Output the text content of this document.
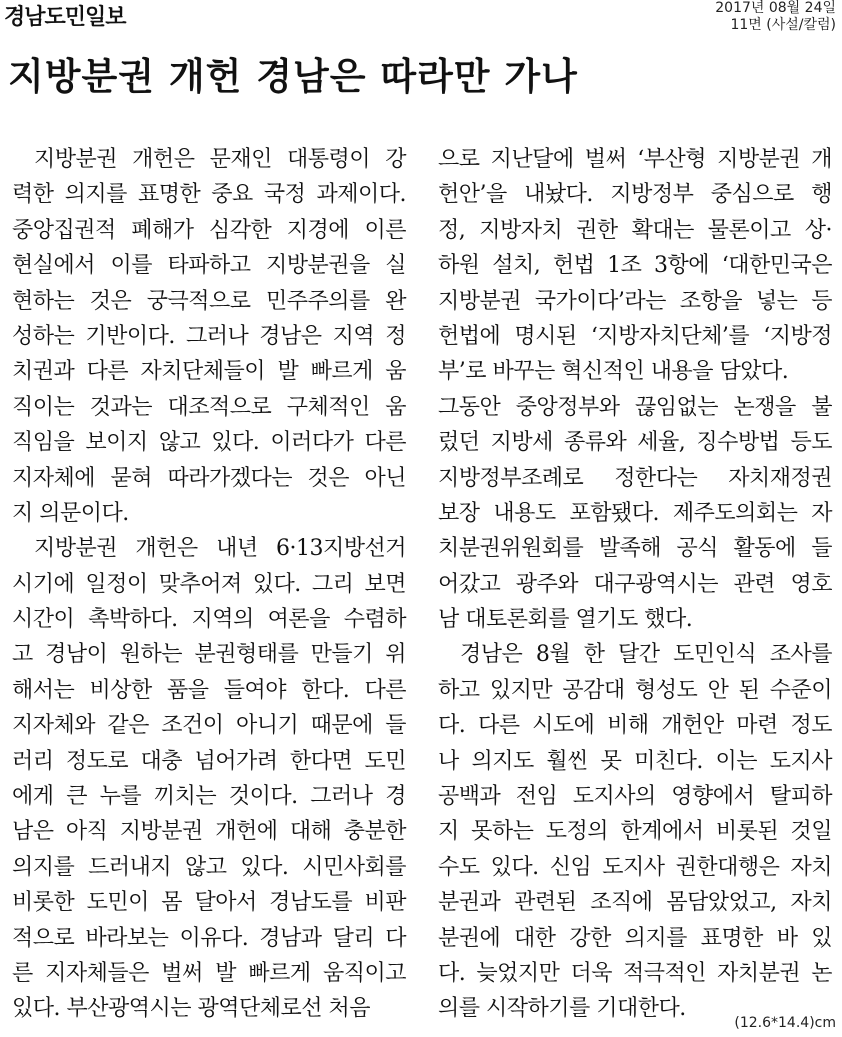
경남도민일보	2017년 08월 24일
11면 (사설/칼럼)
지방분권 개헌 경남은 따라만 가나
지방분권 개헌은 문재인 대통령이 강
력한 의지를 표명한 중요 국정 과제이다.
중앙집권적 폐해가 심각한 지경에 이른
현실에서 이를 타파하고 지방분권을 실
현하는 것은 궁극적으로 민주주의를 완
성하는 기반이다. 그러나 경남은 지역 정
치권과 다른 자치단체들이 발 빠르게 움
직이는 것과는 대조적으로 구체적인 움
직임을 보이지 않고 있다. 이러다가 다른
지자체에 묻혀 따라가겠다는 것은 아닌
지 의문이다.
지방분권 개헌은 내년 6·13지방선거
시기에 일정이 맞추어져 있다. 그리 보면
시간이 촉박하다. 지역의 여론을 수렴하
고 경남이 원하는 분권형태를 만들기 위
해서는 비상한 품을 들여야 한다. 다른
지자체와 같은 조건이 아니기 때문에 들
러리 정도로 대충 넘어가려 한다면 도민
에게 큰 누를 끼치는 것이다. 그러나 경
남은 아직 지방분권 개헌에 대해 충분한
의지를 드러내지 않고 있다. 시민사회를
비롯한 도민이 몸 달아서 경남도를 비판
적으로 바라보는 이유다. 경남과 달리 다
른 지자체들은 벌써 발 빠르게 움직이고
있다. 부산광역시는 광역단체로선 처음
으로 지난달에 벌써 ‘부산형 지방분권 개
헌안’을 내놨다. 지방정부 중심으로 행
정, 지방자치 권한 확대는 물론이고 상·
하원 설치, 헌법 1조 3항에 ‘대한민국은
지방분권 국가이다’라는 조항을 넣는 등
헌법에 명시된 ‘지방자치단체’를 ‘지방정
부’로 바꾸는 혁신적인 내용을 담았다.
그동안 중앙정부와 끊임없는 논쟁을 불
렀던 지방세 종류와 세율, 징수방법 등도
지방정부조례로 정한다는 자치재정권
보장 내용도 포함됐다. 제주도의회는 자
치분권위원회를 발족해 공식 활동에 들
어갔고 광주와 대구광역시는 관련 영호
남 대토론회를 열기도 했다.
경남은 8월 한 달간 도민인식 조사를
하고 있지만 공감대 형성도 안 된 수준이
다. 다른 시도에 비해 개헌안 마련 정도
나 의지도 훨씬 못 미친다. 이는 도지사
공백과 전임 도지사의 영향에서 탈피하
지 못하는 도정의 한계에서 비롯된 것일
수도 있다. 신임 도지사 권한대행은 자치
분권과 관련된 조직에 몸담았었고, 자치
분권에 대한 강한 의지를 표명한 바 있
다. 늦었지만 더욱 적극적인 자치분권 논
의를 시작하기를 기대한다.
(12.6*14.4)cm
